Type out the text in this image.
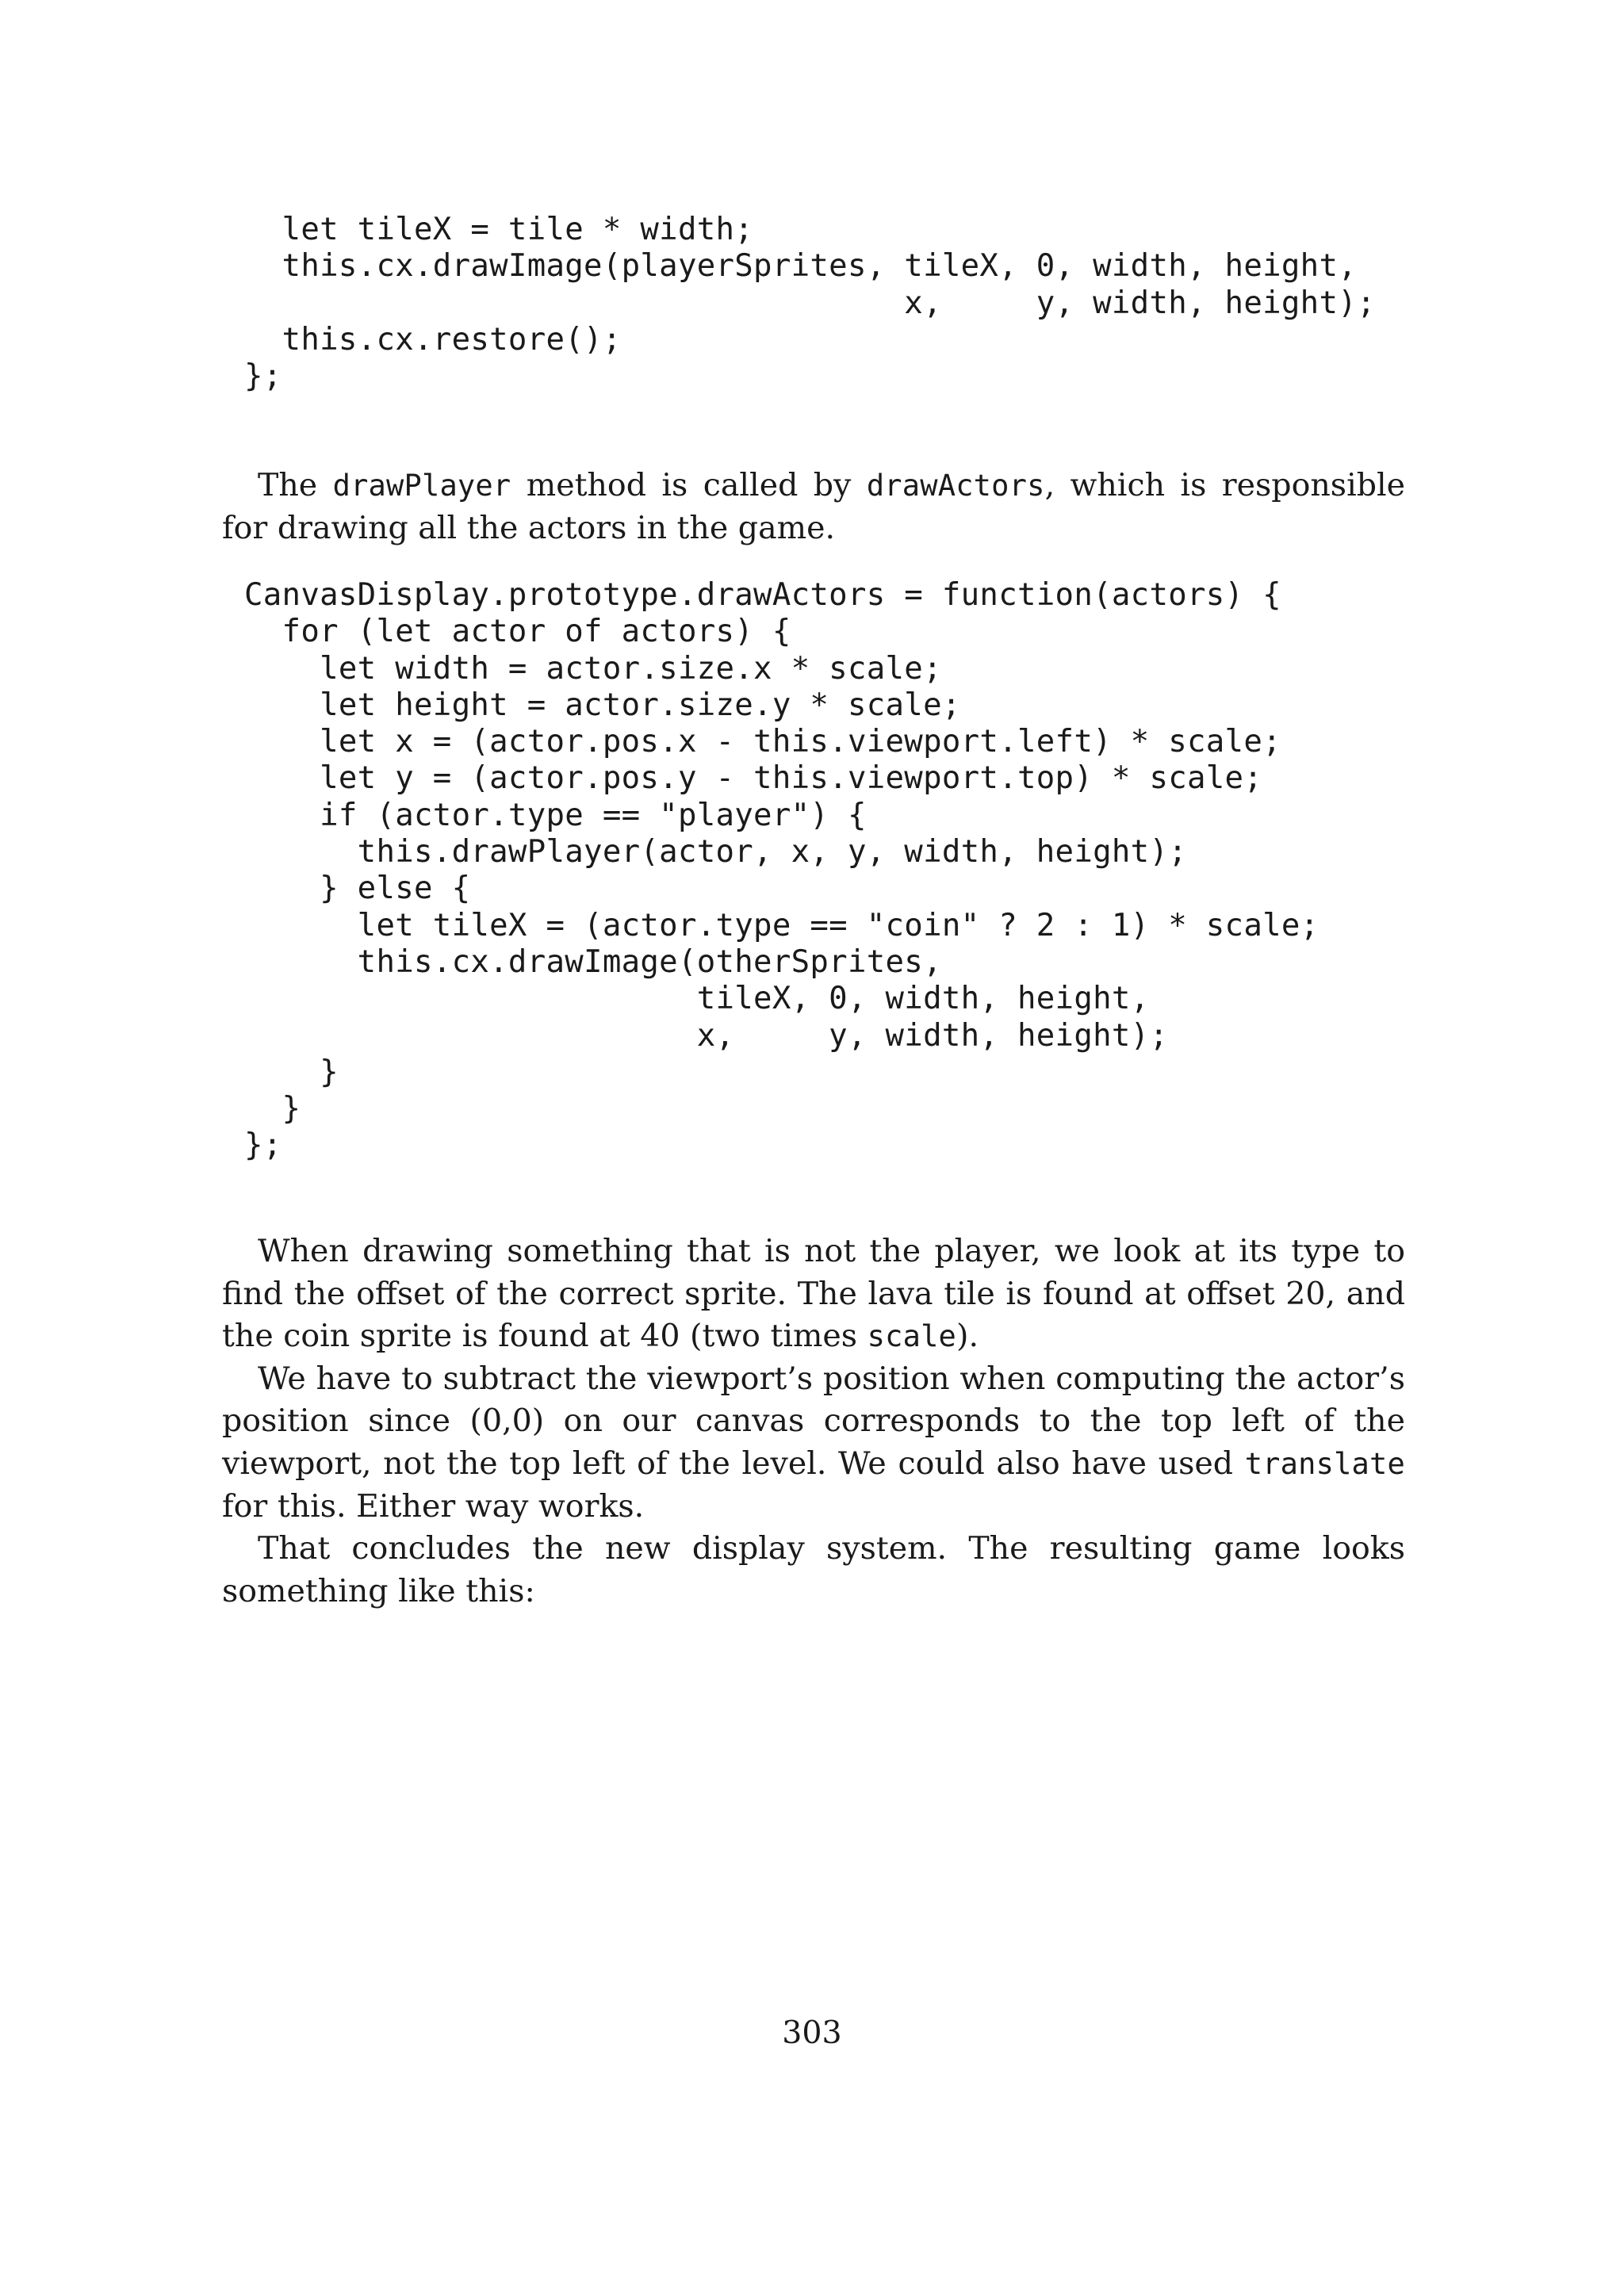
let tileX = tile * width;
this.cx.drawImage(playerSprites, tileX, 0, width, height,
x,     y, width, height);
this.cx.restore();
};

The drawPlayer method is called by drawActors, which is responsible for drawing all the actors in the game.

CanvasDisplay.prototype.drawActors = function(actors) {
for (let actor of actors) {
let width = actor.size.x * scale;
let height = actor.size.y * scale;
let x = (actor.pos.x - this.viewport.left) * scale;
let y = (actor.pos.y - this.viewport.top) * scale;
if (actor.type == "player") {
this.drawPlayer(actor, x, y, width, height);
} else {
let tileX = (actor.type == "coin" ? 2 : 1) * scale;
this.cx.drawImage(otherSprites,
tileX, 0, width, height,
x,     y, width, height);
}
}
};

When drawing something that is not the player, we look at its type to find the offset of the correct sprite. The lava tile is found at offset 20, and the coin sprite is found at 40 (two times scale).

We have to subtract the viewport’s position when computing the actor’s position since (0,0) on our canvas corresponds to the top left of the viewport, not the top left of the level. We could also have used translate for this. Either way works.

That concludes the new display system. The resulting game looks something like this:

303
